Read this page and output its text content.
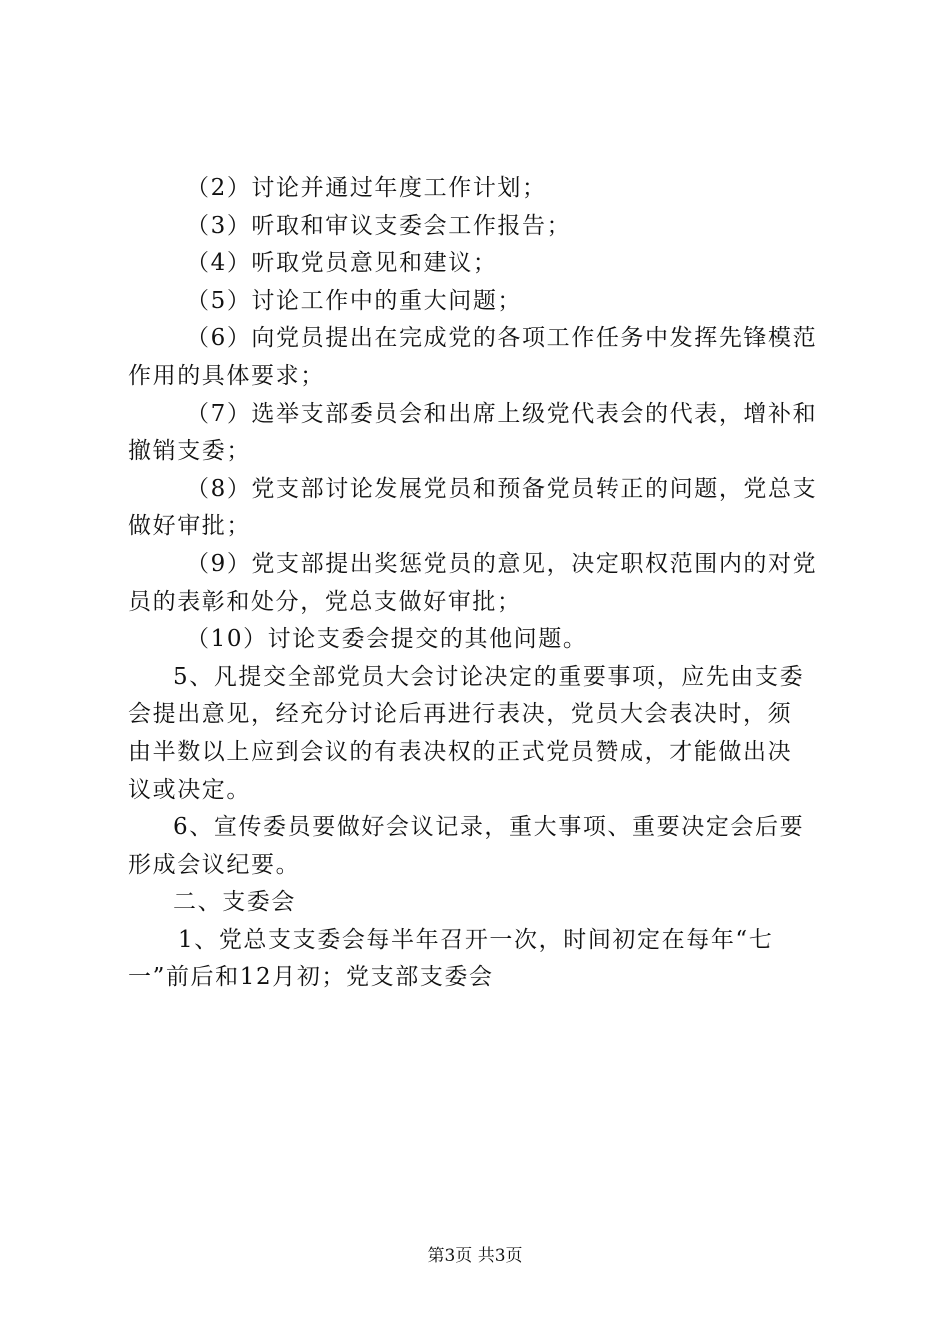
（2）讨论并通过年度工作计划；
（3）听取和审议支委会工作报告；
（4）听取党员意见和建议；
（5）讨论工作中的重大问题；
（6）向党员提出在完成党的各项工作任务中发挥先锋模范
作用的具体要求；
（7）选举支部委员会和出席上级党代表会的代表，增补和
撤销支委；
（8）党支部讨论发展党员和预备党员转正的问题，党总支
做好审批；
（9）党支部提出奖惩党员的意见，决定职权范围内的对党
员的表彰和处分，党总支做好审批；
（10）讨论支委会提交的其他问题。
5、凡提交全部党员大会讨论决定的重要事项，应先由支委
会提出意见，经充分讨论后再进行表决，党员大会表决时，须
由半数以上应到会议的有表决权的正式党员赞成，才能做出决
议或决定。
6、宣传委员要做好会议记录，重大事项、重要决定会后要
形成会议纪要。
二、支委会
1、党总支支委会每半年召开一次，时间初定在每年“七
一”前后和12月初；党支部支委会
第3页 共3页
